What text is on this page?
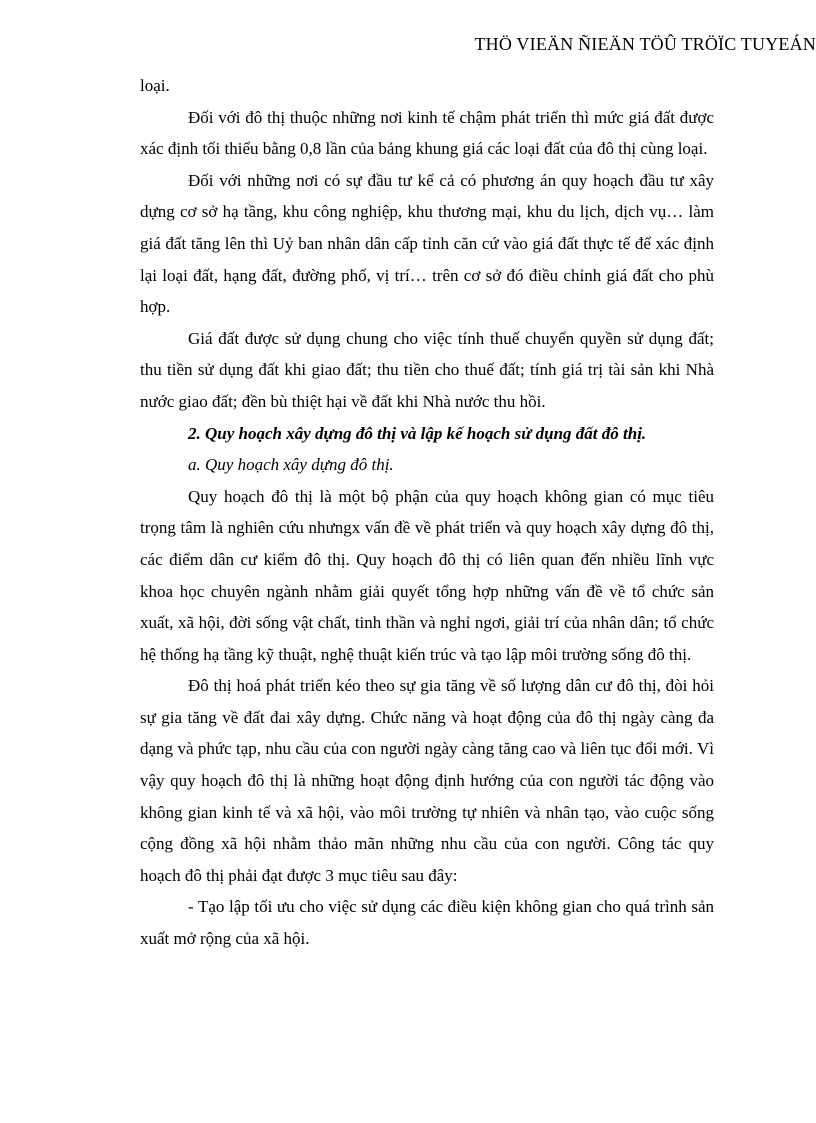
THÖ VIEÄN ÑIEÄN TÖÛ TRÖÏC TUYEÁN

loại.

Đối với đô thị thuộc những nơi kinh tế chậm phát triển thì mức giá đất được xác định tối thiểu bằng 0,8 lần của bảng khung giá các loại đất của đô thị cùng loại.

Đối với những nơi có sự đầu tư kể cả có phương án quy hoạch đầu tư xây dựng cơ sở hạ tầng, khu công nghiệp, khu thương mại, khu du lịch, dịch vụ… làm giá đất tăng lên thì Uỷ ban nhân dân cấp tỉnh căn cứ vào giá đất thực tế để xác định lại loại đất, hạng đất, đường phố, vị trí… trên cơ sở đó điều chỉnh giá đất cho phù hợp.

Giá đất được sử dụng chung cho việc tính thuế chuyển quyền sử dụng đất; thu tiền sử dụng đất khi giao đất; thu tiền cho thuế đất; tính giá trị tài sản khi Nhà nước giao đất; đền bù thiệt hại về đất khi Nhà nước thu hồi.

2. Quy hoạch xây dựng đô thị và lập kế hoạch sử dụng đất đô thị.

a. Quy hoạch xây dựng đô thị.

Quy hoạch đô thị là một bộ phận của quy hoạch không gian có mục tiêu trọng tâm là nghiên cứu nhưngx vấn đề về phát triển và quy hoạch xây dựng đô thị, các điểm dân cư kiểm đô thị. Quy hoạch đô thị có liên quan đến nhiều lĩnh vực khoa học chuyên ngành nhằm giải quyết tổng hợp những vấn đề về tổ chức sản xuất, xã hội, đời sống vật chất, tinh thần và nghỉ ngơi, giải trí của nhân dân; tổ chức hệ thống hạ tầng kỹ thuật, nghệ thuật kiến trúc và tạo lập môi trường sống đô thị.

Đô thị hoá phát triển kéo theo sự gia tăng về số lượng dân cư đô thị, đòi hỏi sự gia tăng về đất đai xây dựng. Chức năng và hoạt động của đô thị ngày càng đa dạng và phức tạp, nhu cầu của con người ngày càng tăng cao và liên tục đổi mới. Vì vậy quy hoạch đô thị là những hoạt động định hướng của con người tác động vào không gian kinh tế và xã hội, vào môi trường tự nhiên và nhân tạo, vào cuộc sống cộng đồng xã hội nhằm thảo mãn những nhu cầu của con người. Công tác quy hoạch đô thị phải đạt được 3 mục tiêu sau đây:

- Tạo lập tối ưu cho việc sử dụng các điều kiện không gian cho quá trình sản xuất mở rộng của xã hội.
